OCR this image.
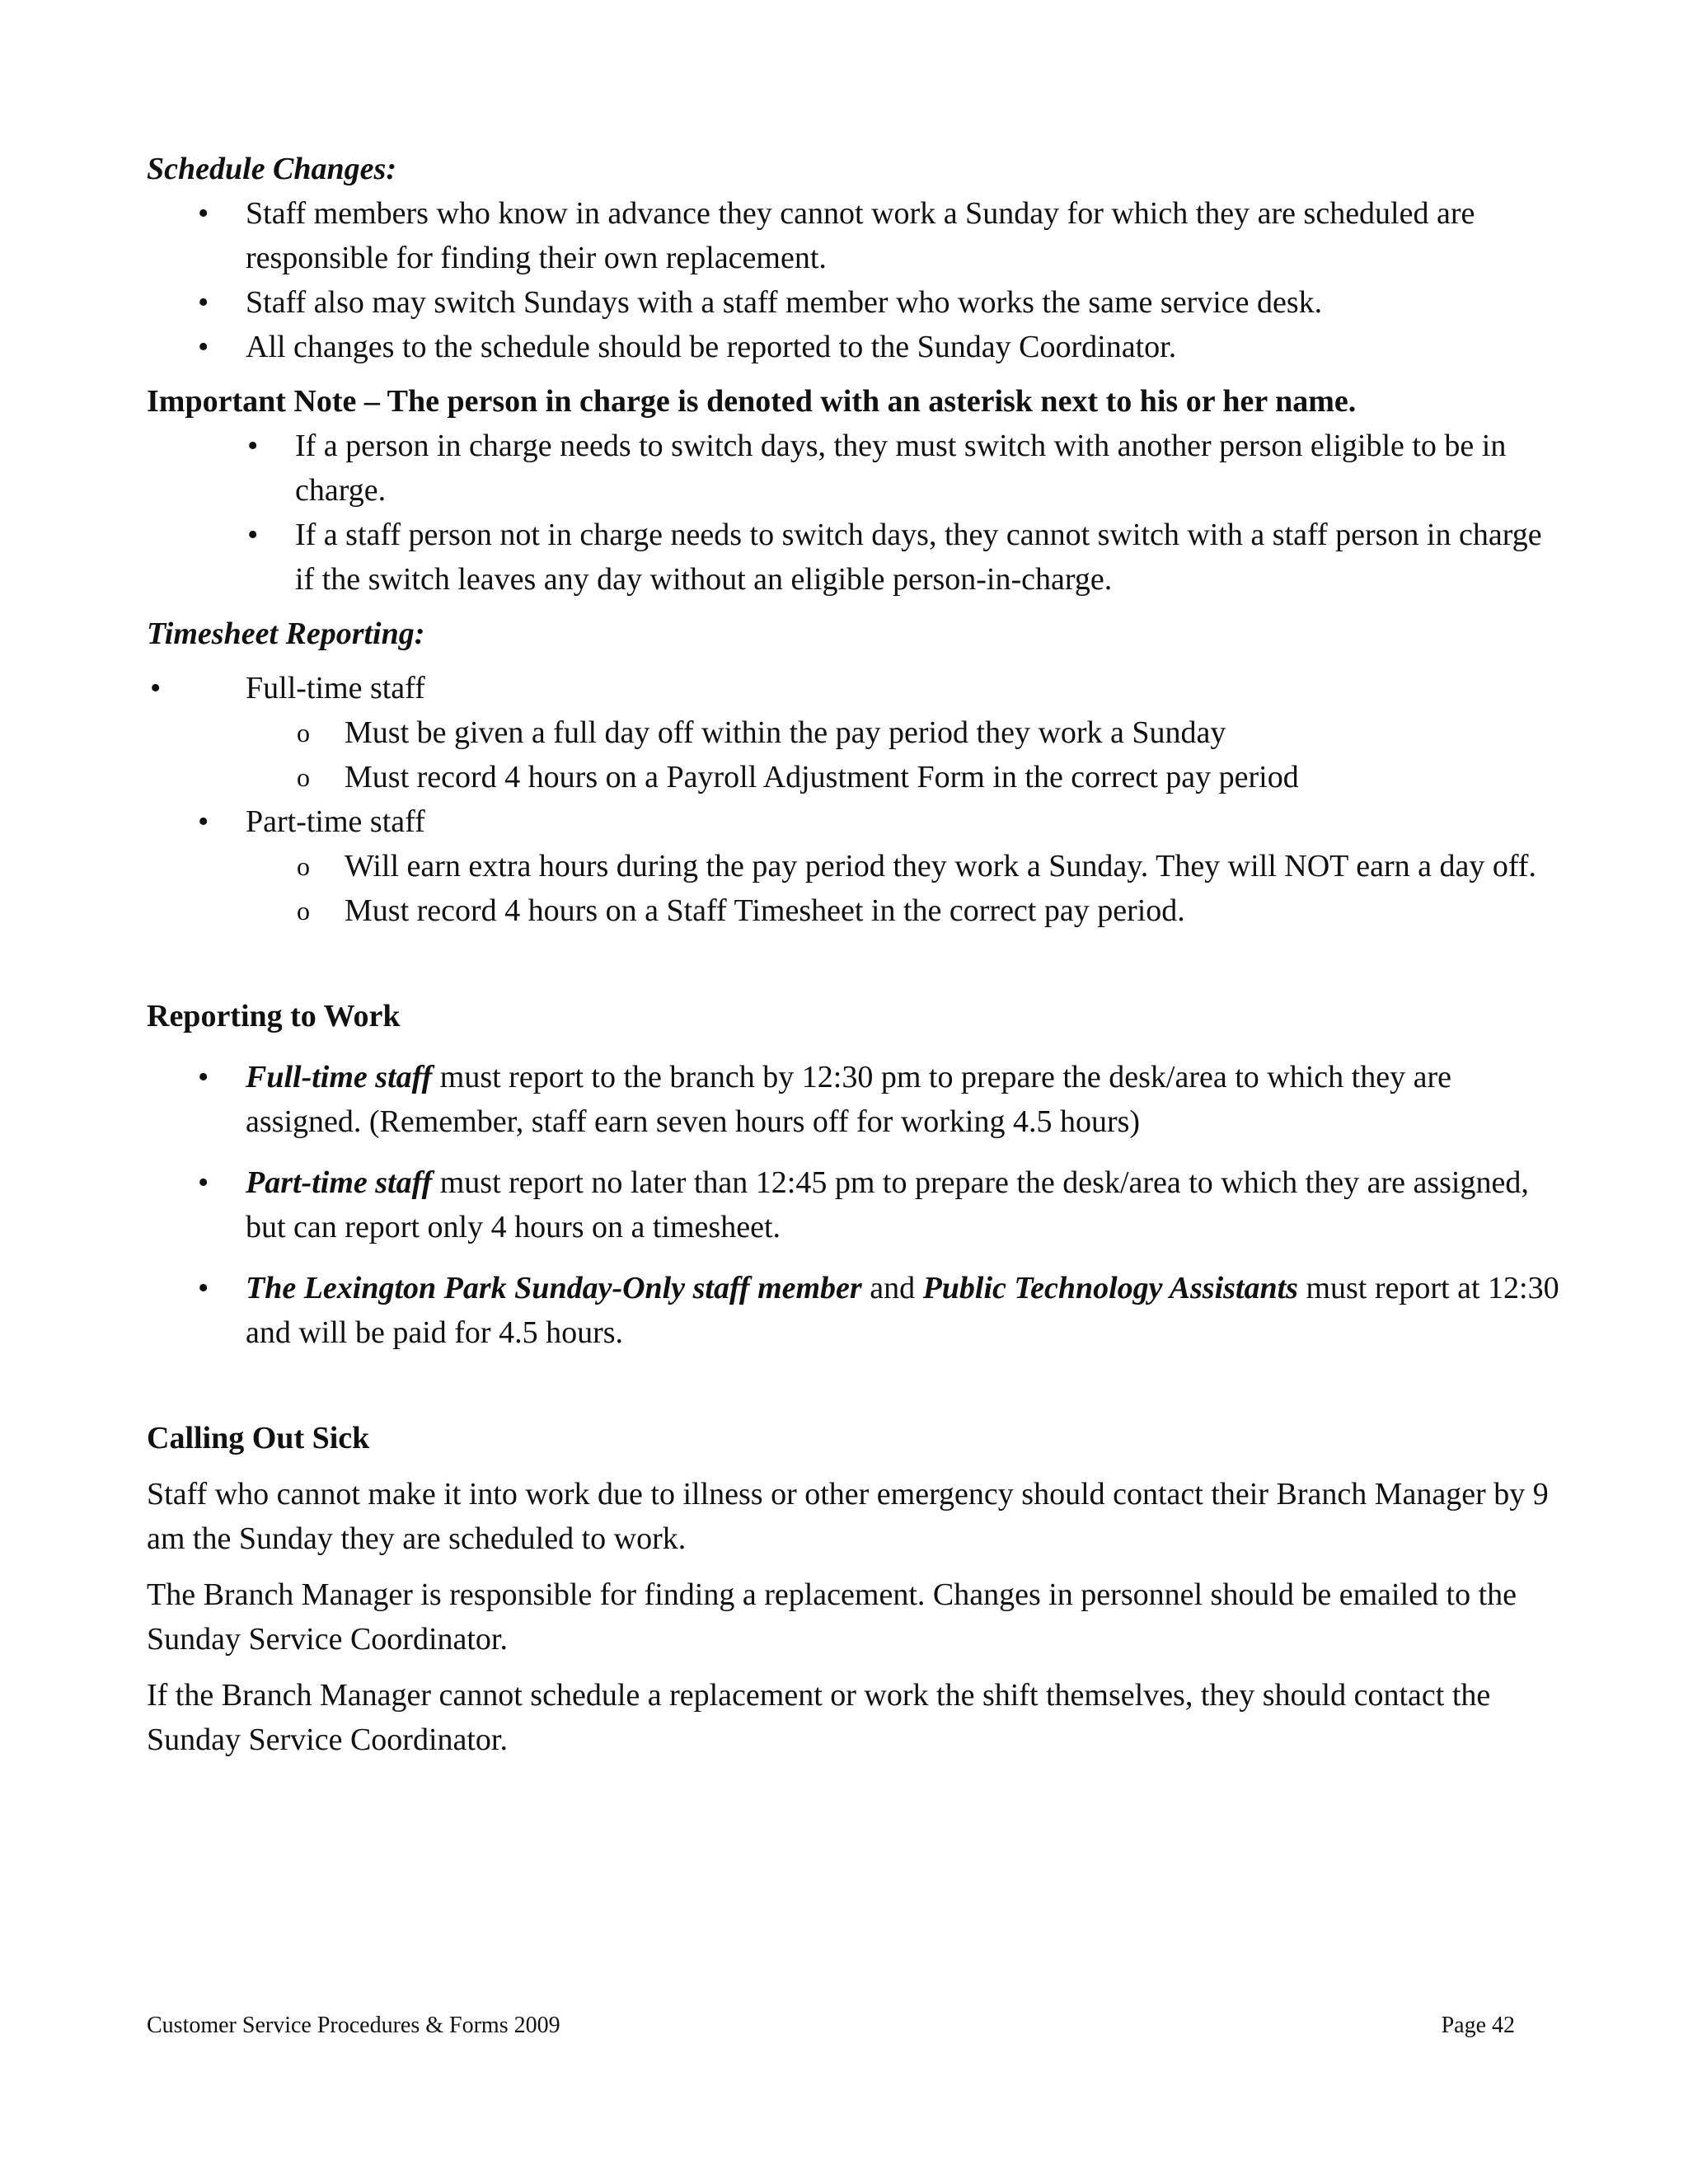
Schedule Changes:

• Staff members who know in advance they cannot work a Sunday for which they are scheduled are responsible for finding their own replacement.
• Staff also may switch Sundays with a staff member who works the same service desk.
• All changes to the schedule should be reported to the Sunday Coordinator.

Important Note – The person in charge is denoted with an asterisk next to his or her name.

• If a person in charge needs to switch days, they must switch with another person eligible to be in charge.
• If a staff person not in charge needs to switch days, they cannot switch with a staff person in charge if the switch leaves any day without an eligible person-in-charge.

Timesheet Reporting:

•	Full-time staff
o Must be given a full day off within the pay period they work a Sunday
o Must record 4 hours on a Payroll Adjustment Form in the correct pay period
• Part-time staff
o Will earn extra hours during the pay period they work a Sunday. They will NOT earn a day off.
o Must record 4 hours on a Staff Timesheet in the correct pay period.

Reporting to Work

• Full-time staff must report to the branch by 12:30 pm to prepare the desk/area to which they are assigned. (Remember, staff earn seven hours off for working 4.5 hours)
• Part-time staff must report no later than 12:45 pm to prepare the desk/area to which they are assigned, but can report only 4 hours on a timesheet.
• The Lexington Park Sunday-Only staff member and Public Technology Assistants must report at 12:30 and will be paid for 4.5 hours.

Calling Out Sick

Staff who cannot make it into work due to illness or other emergency should contact their Branch Manager by 9 am the Sunday they are scheduled to work.

The Branch Manager is responsible for finding a replacement. Changes in personnel should be emailed to the Sunday Service Coordinator.

If the Branch Manager cannot schedule a replacement or work the shift themselves, they should contact the Sunday Service Coordinator.

Customer Service Procedures & Forms 2009	Page 42
